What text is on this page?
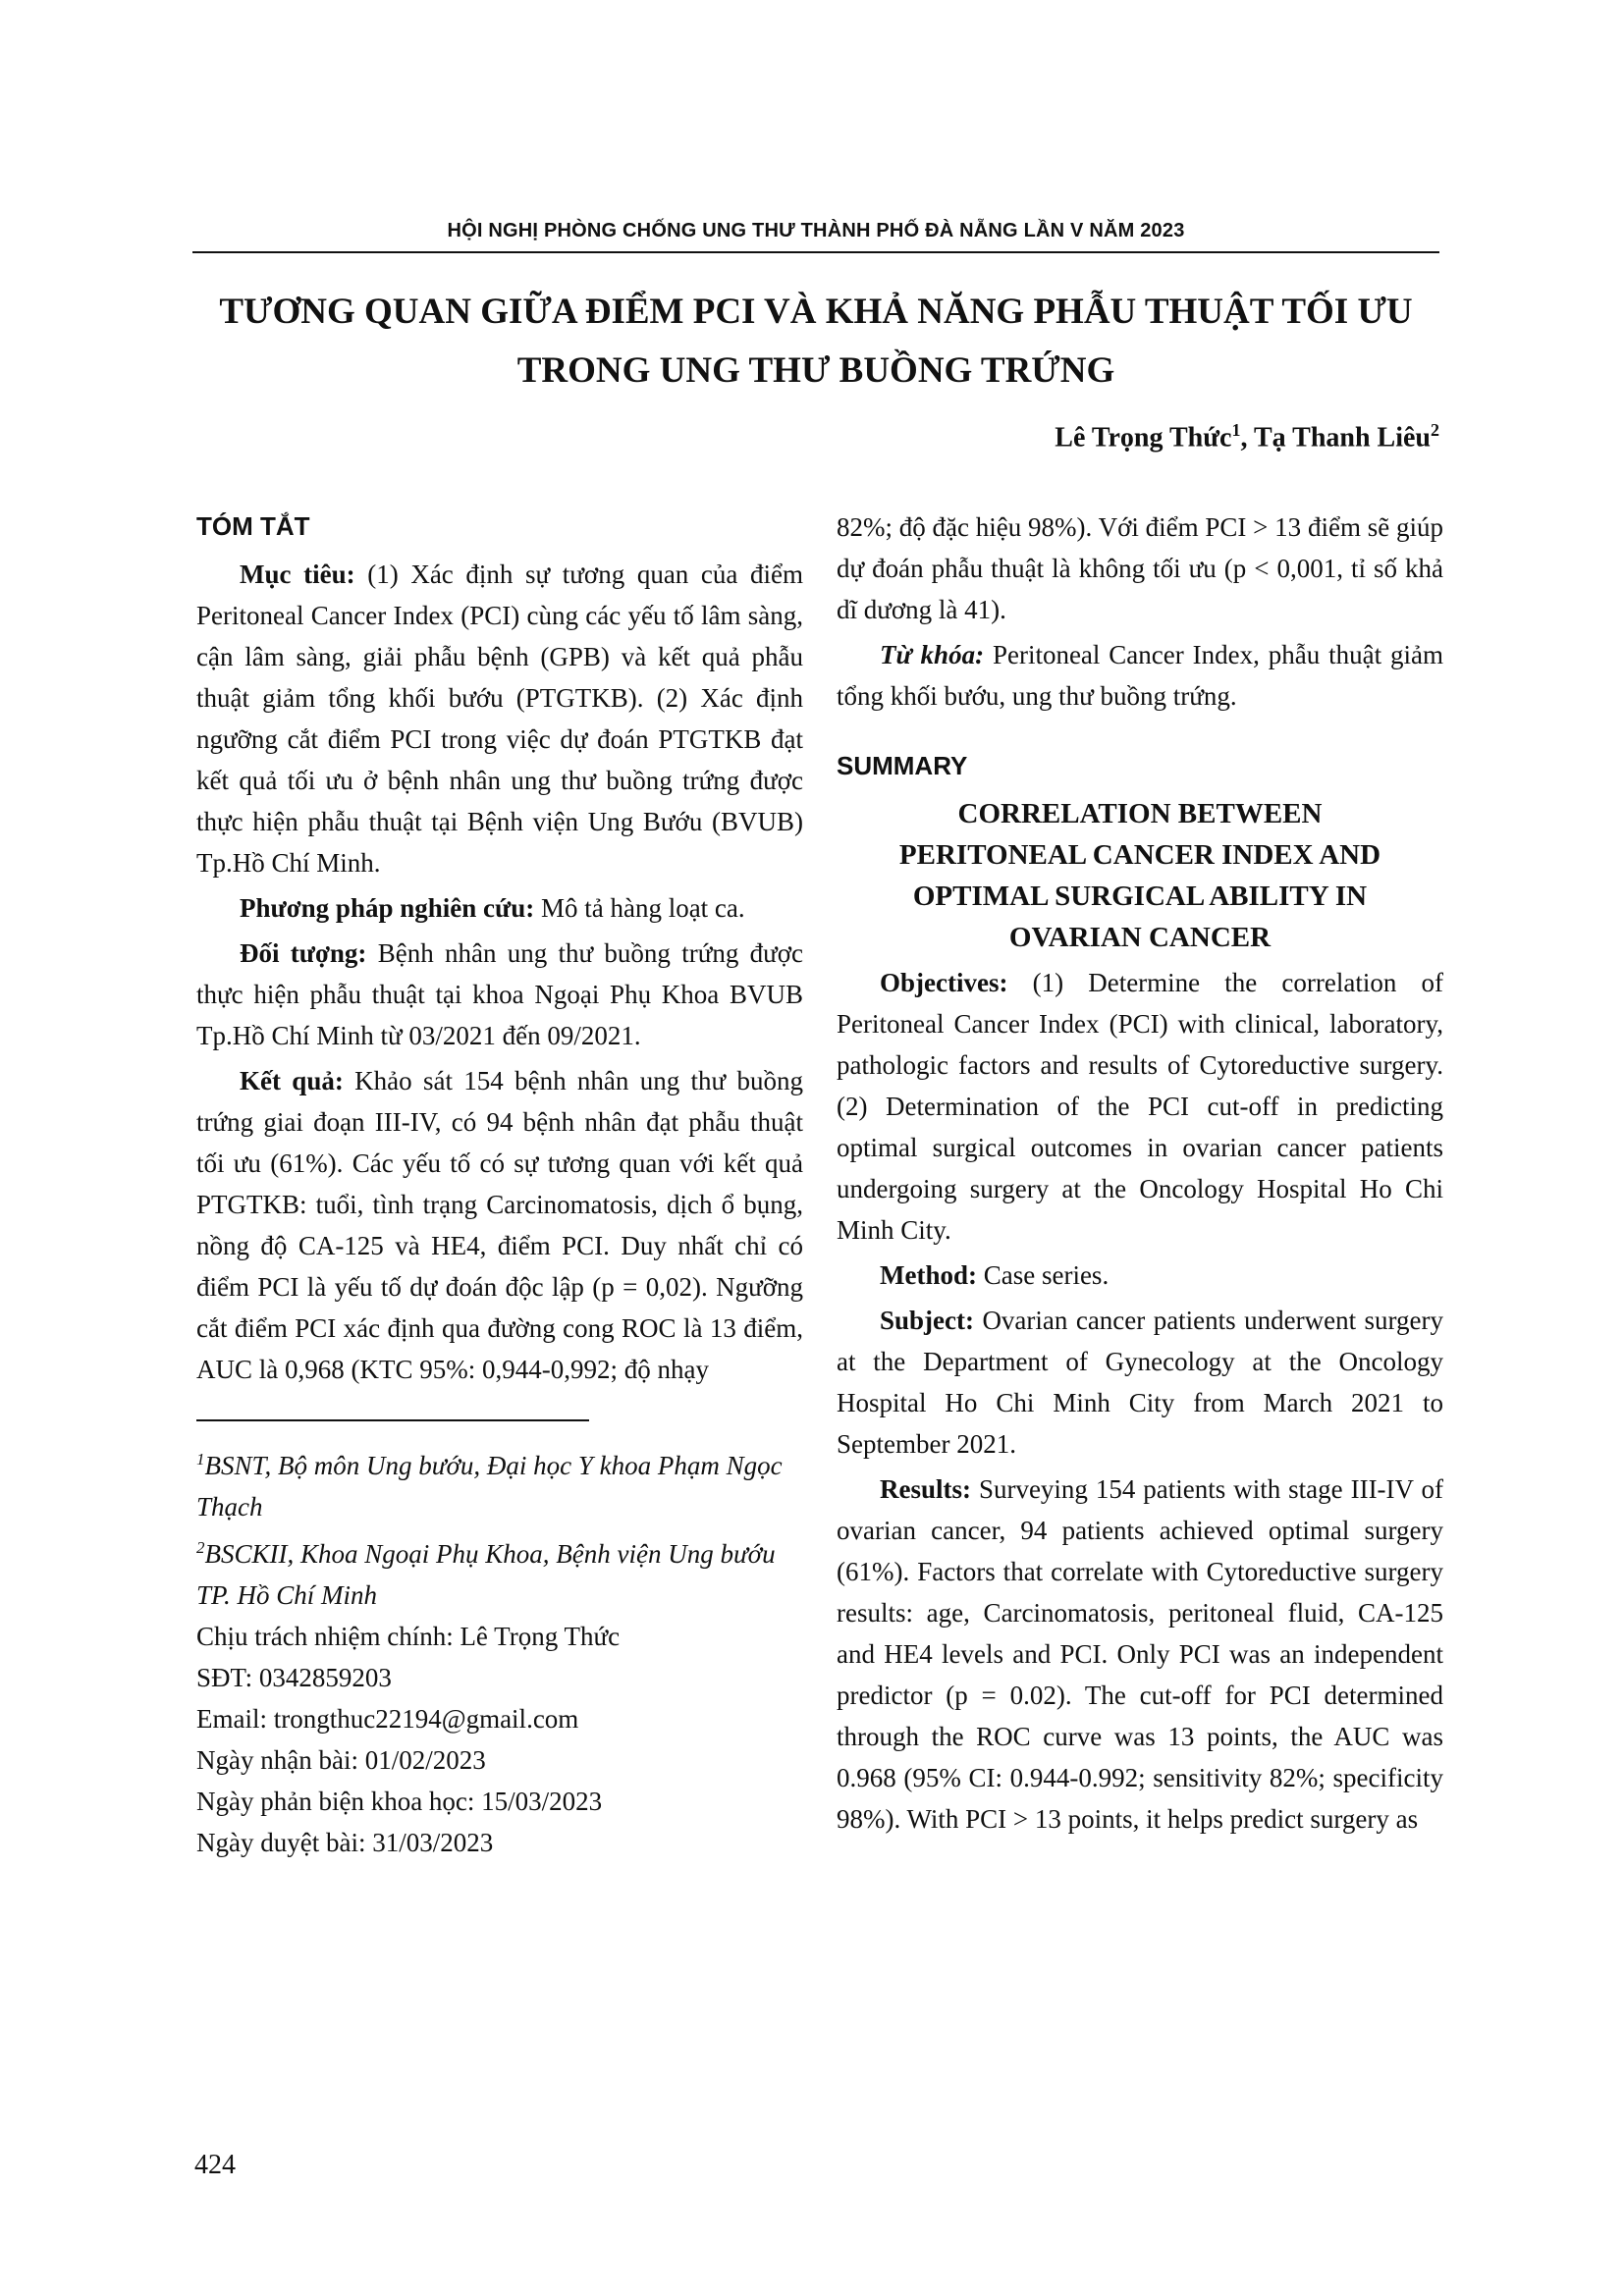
HỘI NGHỊ PHÒNG CHỐNG UNG THƯ THÀNH PHỐ ĐÀ NẴNG LẦN V NĂM 2023
TƯƠNG QUAN GIỮA ĐIỂM PCI VÀ KHẢ NĂNG PHẪU THUẬT TỐI ƯU
TRONG UNG THƯ BUỒNG TRỨNG

Lê Trọng Thức$^1$, Tạ Thanh Liêu$^2$

TÓM TẮT

Mục tiêu: (1) Xác định sự tương quan của điểm Peritoneal Cancer Index (PCI) cùng các yếu tố lâm sàng, cận lâm sàng, giải phẫu bệnh (GPB) và kết quả phẫu thuật giảm tổng khối bướu (PTGTKB). (2) Xác định ngưỡng cắt điểm PCI trong việc dự đoán PTGTKB đạt kết quả tối ưu ở bệnh nhân ung thư buồng trứng được thực hiện phẫu thuật tại Bệnh viện Ung Bướu (BVUB) Tp.Hồ Chí Minh.

Phương pháp nghiên cứu: Mô tả hàng loạt ca.

Đối tượng: Bệnh nhân ung thư buồng trứng được thực hiện phẫu thuật tại khoa Ngoại Phụ Khoa BVUB Tp.Hồ Chí Minh từ 03/2021 đến 09/2021.

Kết quả: Khảo sát 154 bệnh nhân ung thư buồng trứng giai đoạn III-IV, có 94 bệnh nhân đạt phẫu thuật tối ưu (61%). Các yếu tố có sự tương quan với kết quả PTGTKB: tuổi, tình trạng Carcinomatosis, dịch ổ bụng, nồng độ CA-125 và HE4, điểm PCI. Duy nhất chỉ có điểm PCI là yếu tố dự đoán độc lập (p = 0,02). Ngưỡng cắt điểm PCI xác định qua đường cong ROC là 13 điểm, AUC là 0,968 (KTC 95%: 0,944-0,992; độ nhạy

$^1$BSNT, Bộ môn Ung bướu, Đại học Y khoa Phạm Ngọc Thạch

$^2$BSCKII, Khoa Ngoại Phụ Khoa, Bệnh viện Ung bướu TP. Hồ Chí Minh

Chịu trách nhiệm chính: Lê Trọng Thức

SĐT: 0342859203

Email: trongthuc22194@gmail.com

Ngày nhận bài: 01/02/2023

Ngày phản biện khoa học: 15/03/2023

Ngày duyệt bài: 31/03/2023

82%; độ đặc hiệu 98%). Với điểm PCI > 13 điểm sẽ giúp dự đoán phẫu thuật là không tối ưu (p < 0,001, tỉ số khả dĩ dương là 41).

Từ khóa: Peritoneal Cancer Index, phẫu thuật giảm tổng khối bướu, ung thư buồng trứng.

SUMMARY
CORRELATION BETWEEN
PERITONEAL CANCER INDEX AND
OPTIMAL SURGICAL ABILITY IN
OVARIAN CANCER

Objectives: (1) Determine the correlation of Peritoneal Cancer Index (PCI) with clinical, laboratory, pathologic factors and results of Cytoreductive surgery. (2) Determination of the PCI cut-off in predicting optimal surgical outcomes in ovarian cancer patients undergoing surgery at the Oncology Hospital Ho Chi Minh City.

Method: Case series.

Subject: Ovarian cancer patients underwent surgery at the Department of Gynecology at the Oncology Hospital Ho Chi Minh City from March 2021 to September 2021.

Results: Surveying 154 patients with stage III-IV of ovarian cancer, 94 patients achieved optimal surgery (61%). Factors that correlate with Cytoreductive surgery results: age, Carcinomatosis, peritoneal fluid, CA-125 and HE4 levels and PCI. Only PCI was an independent predictor (p = 0.02). The cut-off for PCI determined through the ROC curve was 13 points, the AUC was 0.968 (95% CI: 0.944-0.992; sensitivity 82%; specificity 98%). With PCI > 13 points, it helps predict surgery as

424
